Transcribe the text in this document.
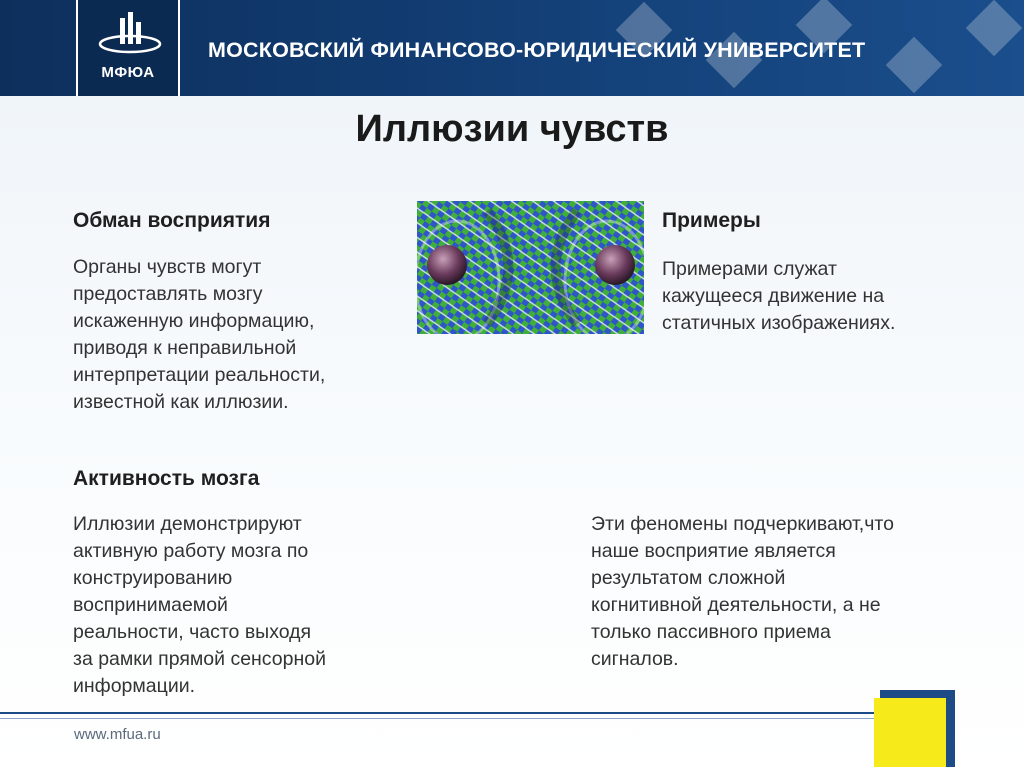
МФЮА
МОСКОВСКИЙ ФИНАНСОВО-ЮРИДИЧЕСКИЙ УНИВЕРСИТЕТ
Иллюзии чувств
Обман восприятия
Органы чувств могут
предоставлять мозгу
искаженную информацию,
приводя к неправильной
интерпретации реальности,
известной как иллюзии.
Примеры
Примерами служат
кажущееся движение на
статичных изображениях.
Активность мозга
Иллюзии демонстрируют
активную работу мозга по
конструированию
воспринимаемой
реальности, часто выходя
за рамки прямой сенсорной
информации.
Эти феномены подчеркивают,что
наше восприятие является
результатом сложной
когнитивной деятельности, а не
только пассивного приема
сигналов.
www.mfua.ru
